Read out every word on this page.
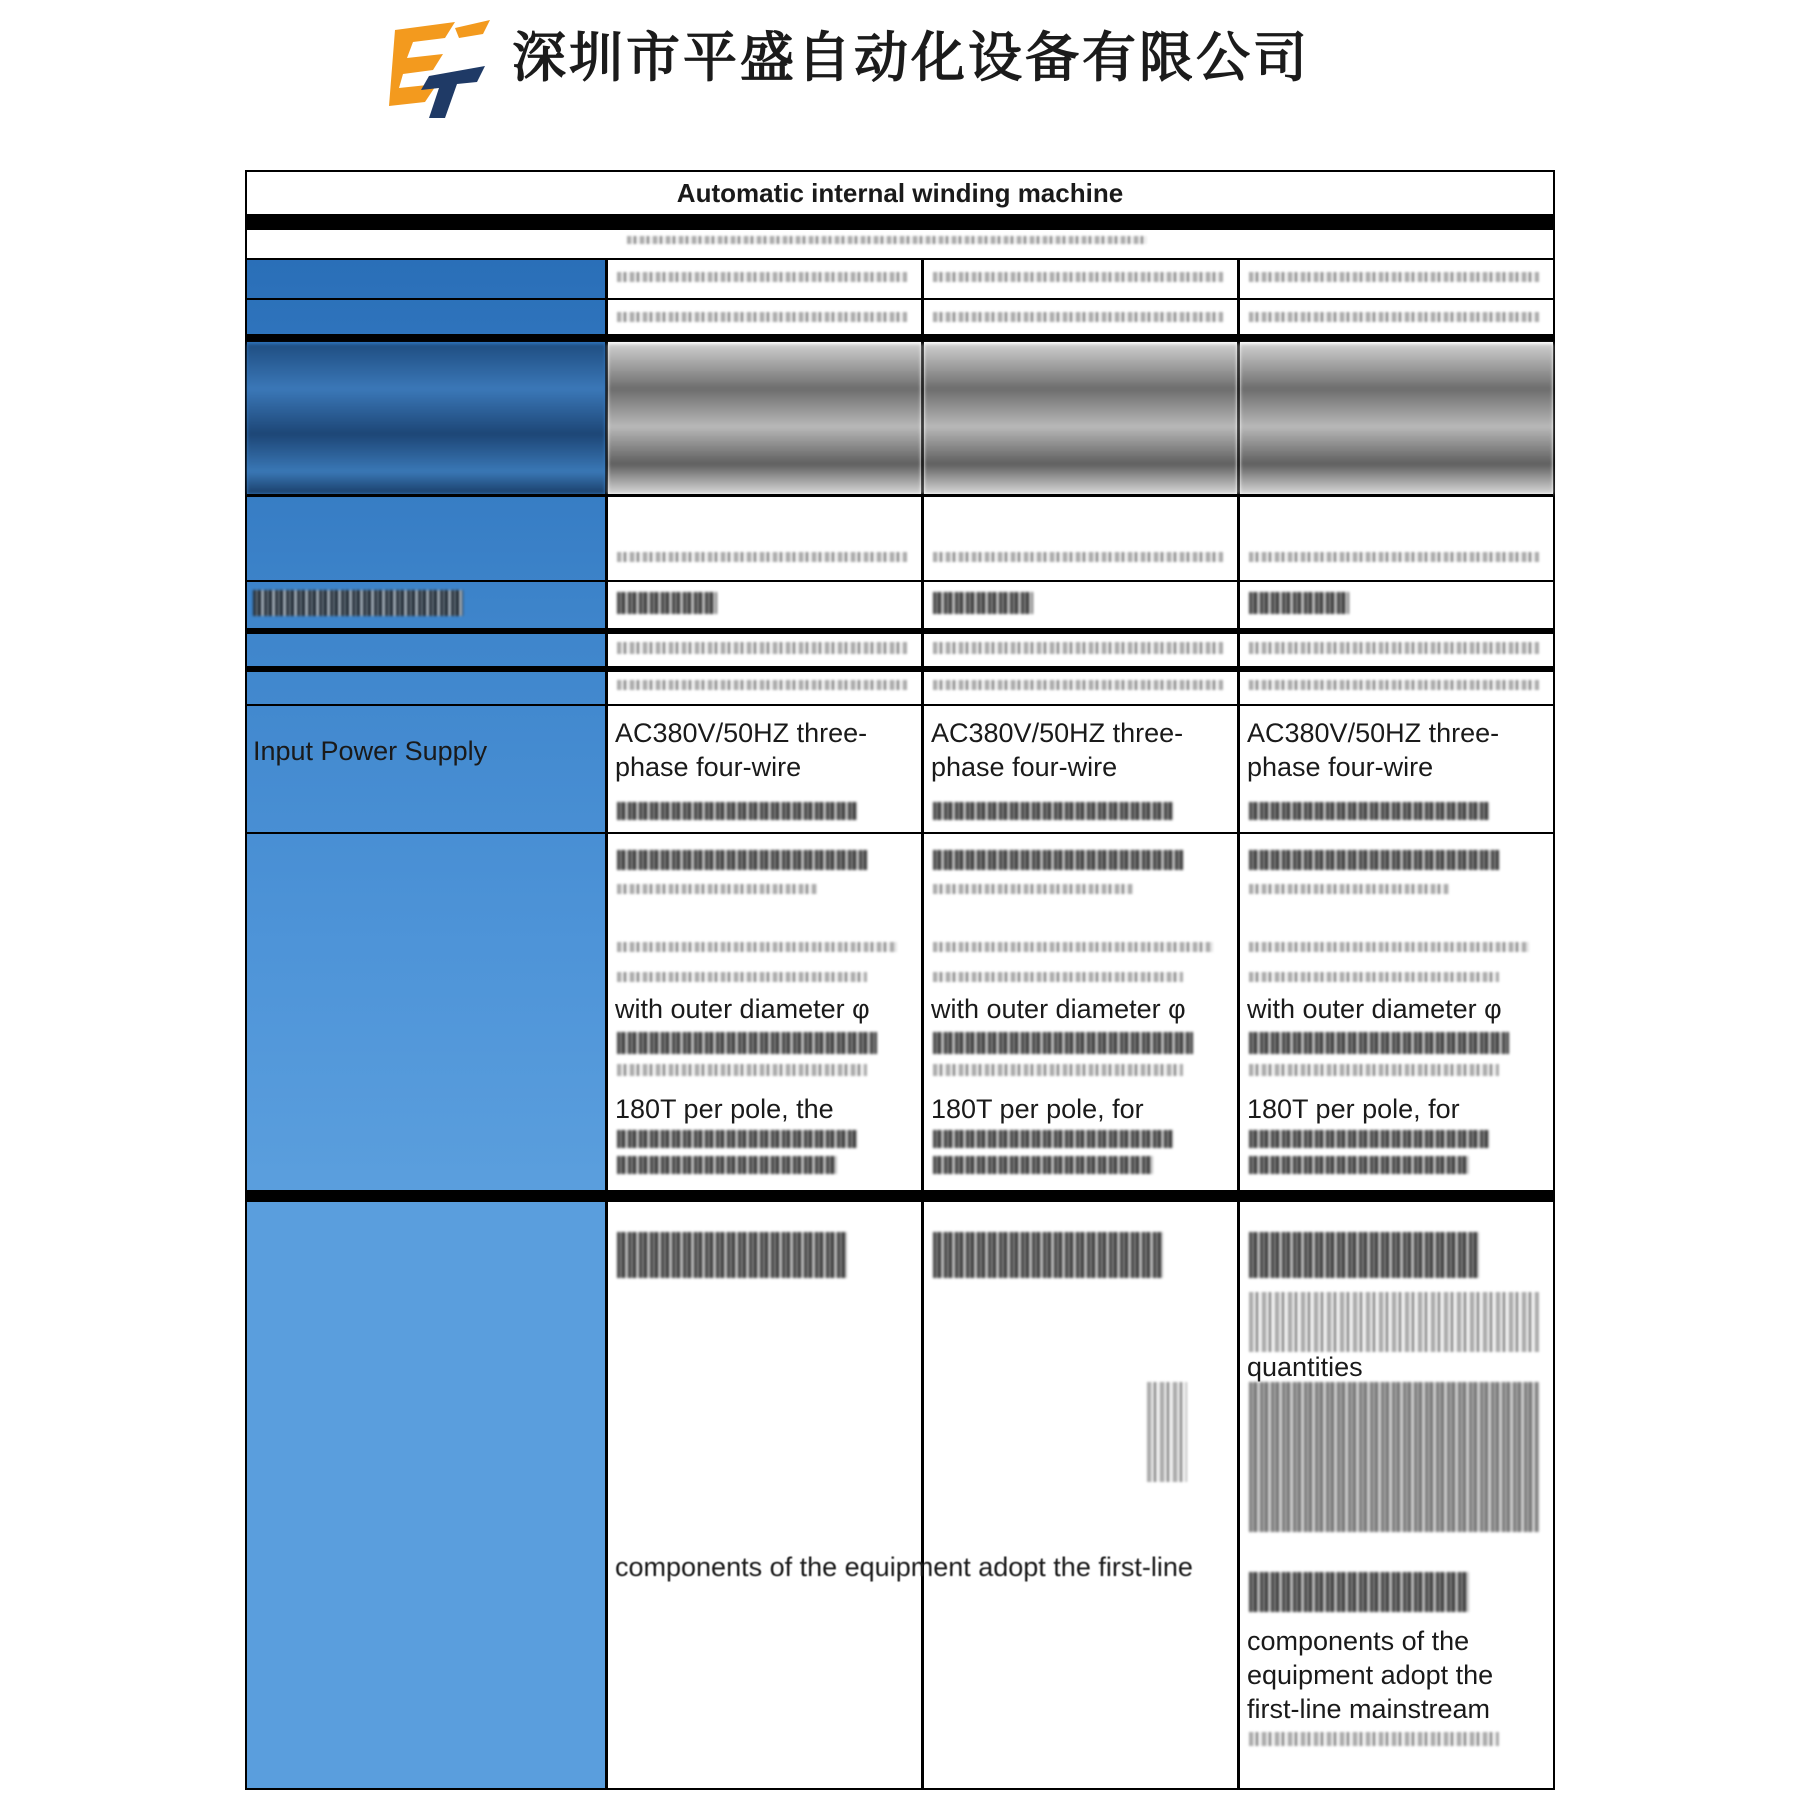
深圳市平盛自动化设备有限公司
Automatic internal winding machine
Input Power Supply
AC380V/50HZ three-phase four-wire
AC380V/50HZ three-phase four-wire
AC380V/50HZ three-phase four-wire
with outer diameter φ with outer diameter φ with outer diameter φ
180T per pole, the	180T per pole, for	180T per pole, for
quantities
components of the equipment adopt the first-line
components of the
equipment adopt the
first-line mainstream
